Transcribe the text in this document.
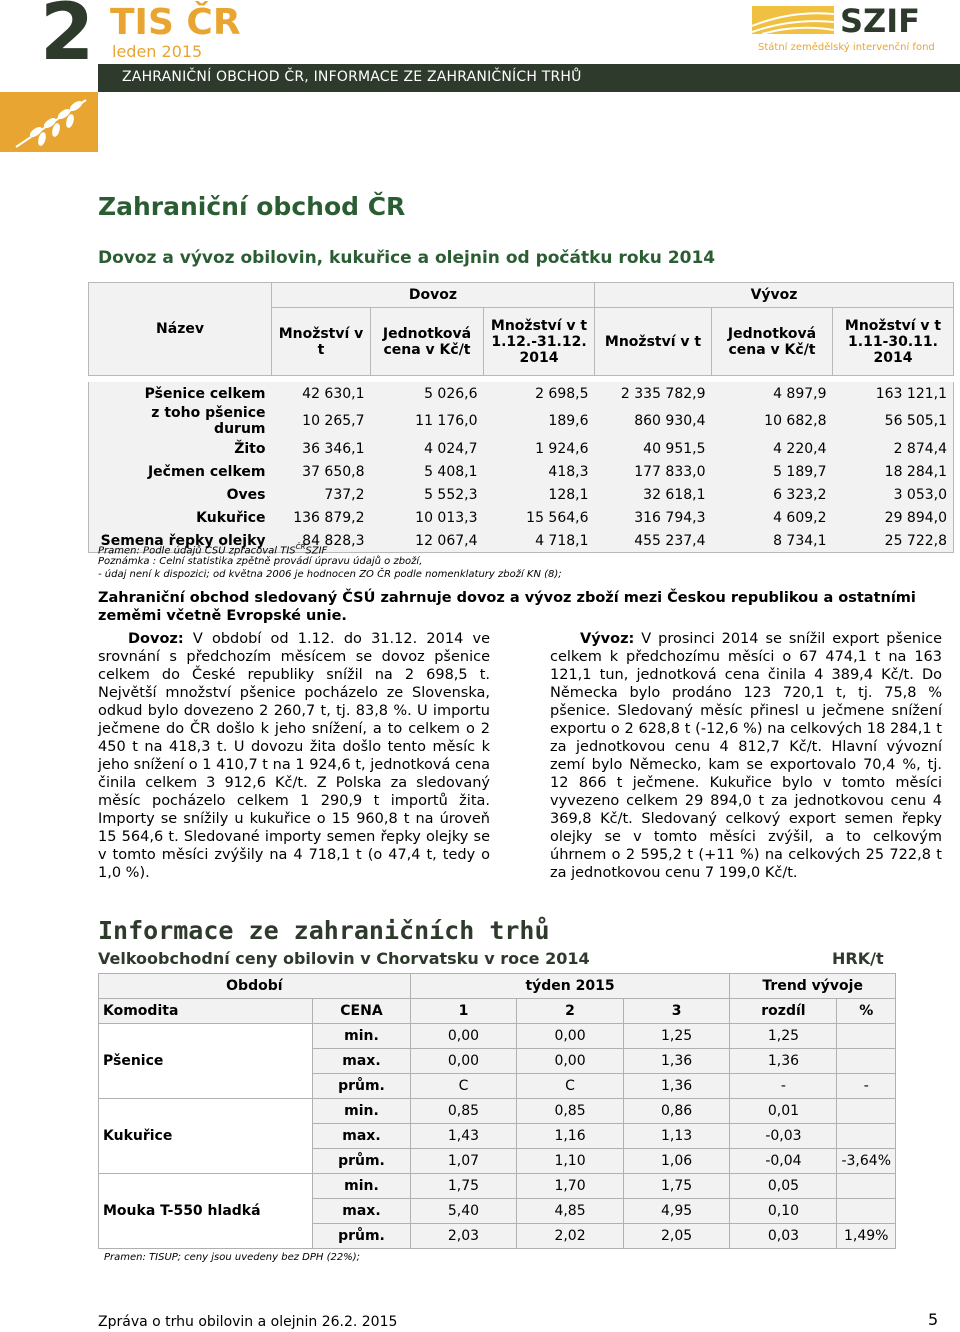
2 TIS ČR
leden 2015
ZAHRANIČNÍ OBCHOD ČR, INFORMACE ZE ZAHRANIČNÍCH TRHŮ
SZIF
Státní zemědělský intervenční fond
Zahraniční obchod ČR
Dovoz a vývoz obilovin, kukuřice a olejnin od počátku roku 2014
Název	Dovoz			Vývoz		
	Množství v t	Jednotková cena v Kč/t	Množství v t 1.12.-31.12. 2014	Množství v t	Jednotková cena v Kč/t	Množství v t 1.11-30.11. 2014

Pšenice celkem	42 630,1	5 026,6	2 698,5	2 335 782,9	4 897,9	163 121,1
z toho pšenice durum	10 265,7	11 176,0	189,6	860 930,4	10 682,8	56 505,1
Žito	36 346,1	4 024,7	1 924,6	40 951,5	4 220,4	2 874,4
Ječmen celkem	37 650,8	5 408,1	418,3	177 833,0	5 189,7	18 284,1
Oves	737,2	5 552,3	128,1	32 618,1	6 323,2	3 053,0
Kukuřice	136 879,2	10 013,3	15 564,6	316 794,3	4 609,2	29 894,0
Semena řepky olejky	84 828,3	12 067,4	4 718,1	455 237,4	8 734,1	25 722,8
Pramen: Podle údajů ČSÚ zpracoval $TIS^{ČR}SZIF$
Poznámka : Celní statistika zpětně provádí úpravu údajů o zboží,
- údaj není k dispozici; od května 2006 je hodnocen ZO ČR podle nomenklatury zboží KN (8);
Zahraniční obchod sledovaný ČSÚ zahrnuje dovoz a vývoz zboží mezi Českou republikou a ostatními zeměmi včetně Evropské unie.
Dovoz: V období od 1.12. do 31.12. 2014 ve srovnání s předchozím měsícem se dovoz pšenice celkem do České republiky snížil na 2 698,5 t. Největší množství pšenice pocházelo ze Slovenska, odkud bylo dovezeno 2 260,7 t, tj. 83,8 %. U importu ječmene do ČR došlo k jeho snížení, a to celkem o 2 450 t na 418,3 t. U dovozu žita došlo tento měsíc k jeho snížení o 1 410,7 t na 1 924,6 t, jednotková cena činila celkem 3 912,6 Kč/t. Z Polska za sledovaný měsíc pocházelo celkem 1 290,9 t importů žita. Importy se snížily u kukuřice o 15 960,8 t na úroveň 15 564,6 t. Sledované importy semen řepky olejky se v tomto měsíci zvýšily na 4 718,1 t (o 47,4 t, tedy o 1,0 %).
Vývoz: V prosinci 2014 se snížil export pšenice celkem k předchozímu měsíci o 67 474,1 t na 163 121,1 tun, jednotková cena činila 4 389,4 Kč/t. Do Německa bylo prodáno 123 720,1 t, tj. 75,8 % pšenice. Sledovaný měsíc přinesl u ječmene snížení exportu o 2 628,8 t (-12,6 %) na celkových 18 284,1 t za jednotkovou cenu 4 812,7 Kč/t. Hlavní vývozní zemí bylo Německo, kam se exportovalo 70,4 %, tj. 12 866 t ječmene. Kukuřice bylo v tomto měsíci vyvezeno celkem 29 894,0 t za jednotkovou cenu 4 369,8 Kč/t. Sledovaný celkový export semen řepky olejky se v tomto měsíci zvýšil, a to celkovým úhrnem o 2 595,2 t (+11 %) na celkových 25 722,8 t za jednotkovou cenu 7 199,0 Kč/t.
Informace ze zahraničních trhů
Velkoobchodní ceny obilovin v Chorvatsku v roce 2014	HRK/t
Období		týden 2015			Trend vývoje	
Komodita	CENA	1	2	3	rozdíl	%
Pšenice	min.	0,00	0,00	1,25	1,25	
	max.	0,00	0,00	1,36	1,36	
	prům.	C	C	1,36	-	-
Kukuřice	min.	0,85	0,85	0,86	0,01	
	max.	1,43	1,16	1,13	-0,03	
	prům.	1,07	1,10	1,06	-0,04	-3,64%
Mouka T-550 hladká	min.	1,75	1,70	1,75	0,05	
	max.	5,40	4,85	4,95	0,10	
	prům.	2,03	2,02	2,05	0,03	1,49%
Pramen: TISUP; ceny jsou uvedeny bez DPH (22%);
Zpráva o trhu obilovin a olejnin 26.2. 2015	5
